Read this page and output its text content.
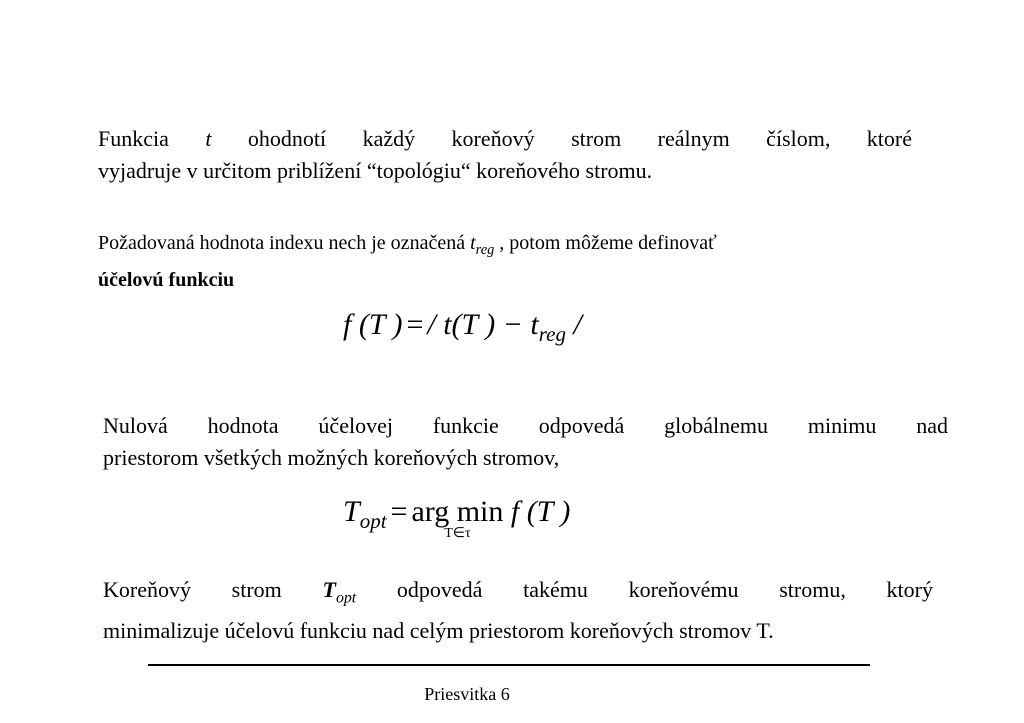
Funkcia t ohodnotí každý koreňový strom reálnym číslom, ktoré
vyjadruje v určitom priblížení “topológiu“ koreňového stromu.
Požadovaná hodnota indexu nech je označená $t_{reg}$ , potom môžeme definovať
účelovú funkciu
f (T ) = / t(T ) − $t_{reg}$ /
Nulová hodnota účelovej funkcie odpovedá globálnemu minimu nad
priestorom všetkých možných koreňových stromov,
$T_{opt}$ = arg min
T∈τ
f (T )
Koreňový strom $T_{opt}$ odpovedá takému koreňovému stromu, ktorý
minimalizuje účelovú funkciu nad celým priestorom koreňových stromov T.
Priesvitka 6
